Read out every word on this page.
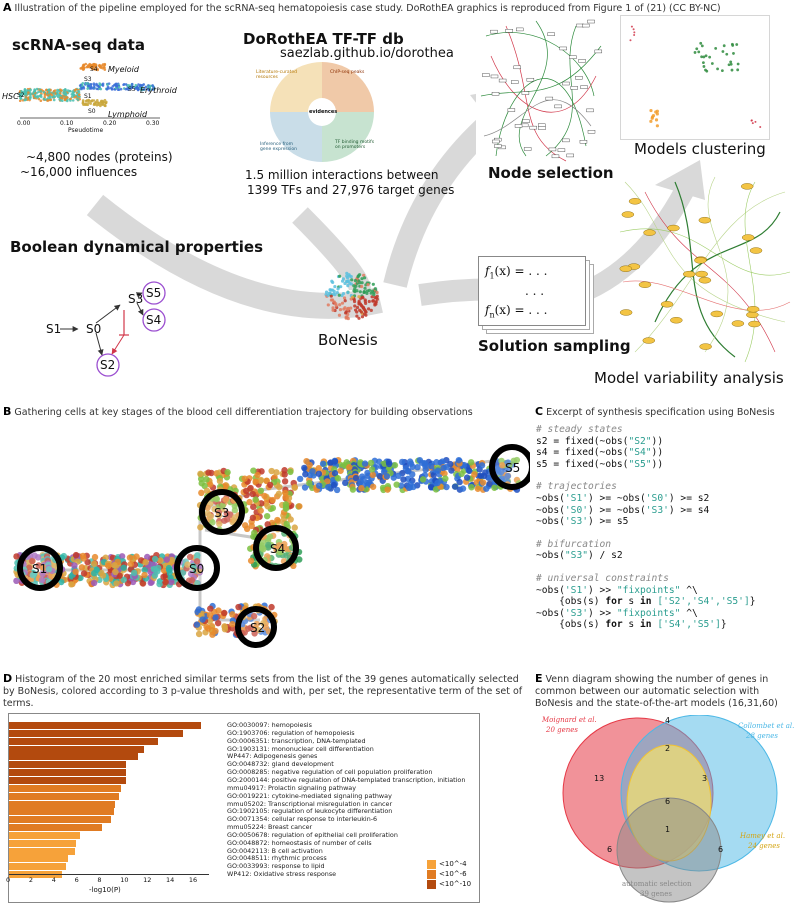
A Illustration of the pipeline employed for the scRNA-seq hematopoiesis case study. DoRothEA graphics is reproduced from Figure 1 of (21) (CC BY-NC)
scRNA-seq data
HSC
Myeloid
Erythroid
Lymphoid
S4
S3
S5
S2	S1
S0
0.00	0.10	0.20	0.30
Pseudotime
~4,800 nodes (proteins)
~16,000 influences
DoRothEA TF-TF db
saezlab.github.io/dorothea
Literature-curated resources
ChIP-seq peaks
Inference from gene expression
TF binding motifs on promoters
evidences
1.5 million interactions between
1399 TFs and 27,976 target genes
Models clustering
Node selection
Boolean dynamical properties
S1 S0
S3 S5
S4
S2
BoNesis
$f_1(x)$ = . . .
. . .
$f_n(x)$ = . . .
Solution sampling
Model variability analysis
B Gathering cells at key stages of the blood cell differentiation trajectory for building observations
S1	S0
S3
S4
S2
S5
C Excerpt of synthesis specification using BoNesis
# steady states
s2 = fixed(~obs("S2"))
s4 = fixed(~obs("S4"))
s5 = fixed(~obs("S5"))

# trajectories
~obs('S1') >= ~obs('S0') >= s2
~obs('S0') >= ~obs('S3') >= s4
~obs('S3') >= s5

# bifurcation
~obs("S3") / s2

# universal constraints
~obs('S1') >> "fixpoints" ^\
{obs(s) for s in ['S2','S4','S5']}
~obs('S3') >> "fixpoints" ^\
{obs(s) for s in ['S4','S5']}
D Histogram of the 20 most enriched similar terms sets from the list of the 39 genes automatically selected by BoNesis, colored according to 3 p-value thresholds and with, per set, the representative term of the set of terms.
GO:0030097: hemopoiesis
GO:1903706: regulation of hemopoiesis
GO:0006351: transcription, DNA-templated
GO:1903131: mononuclear cell differentiation
WP447: Adipogenesis genes
GO:0048732: gland development
GO:0008285: negative regulation of cell population proliferation
GO:2000144: positive regulation of DNA-templated transcription, initiation
mmu04917: Prolactin signaling pathway
GO:0019221: cytokine-mediated signaling pathway
mmu05202: Transcriptional misregulation in cancer
GO:1902105: regulation of leukocyte differentiation
GO:0071354: cellular response to interleukin-6
mmu05224: Breast cancer
GO:0050678: regulation of epithelial cell proliferation
GO:0048872: homeostasis of number of cells
GO:0042113: B cell activation
GO:0048511: rhythmic process
GO:0033993: response to lipid
WP412: Oxidative stress response
0	2	4	6	8	10 12 14 16
-log10(P)
<10^-4
<10^-6
<10^-10
E Venn diagram showing the number of genes in common between our automatic selection with BoNesis and the state-of-the-art models (16,31,60)
Moignard et al.
20 genes	Collombet et al.
28 genes
Hamey et al.
24 genes
automatic selection
39 genes
4
2
13	3
6
1
6	6
